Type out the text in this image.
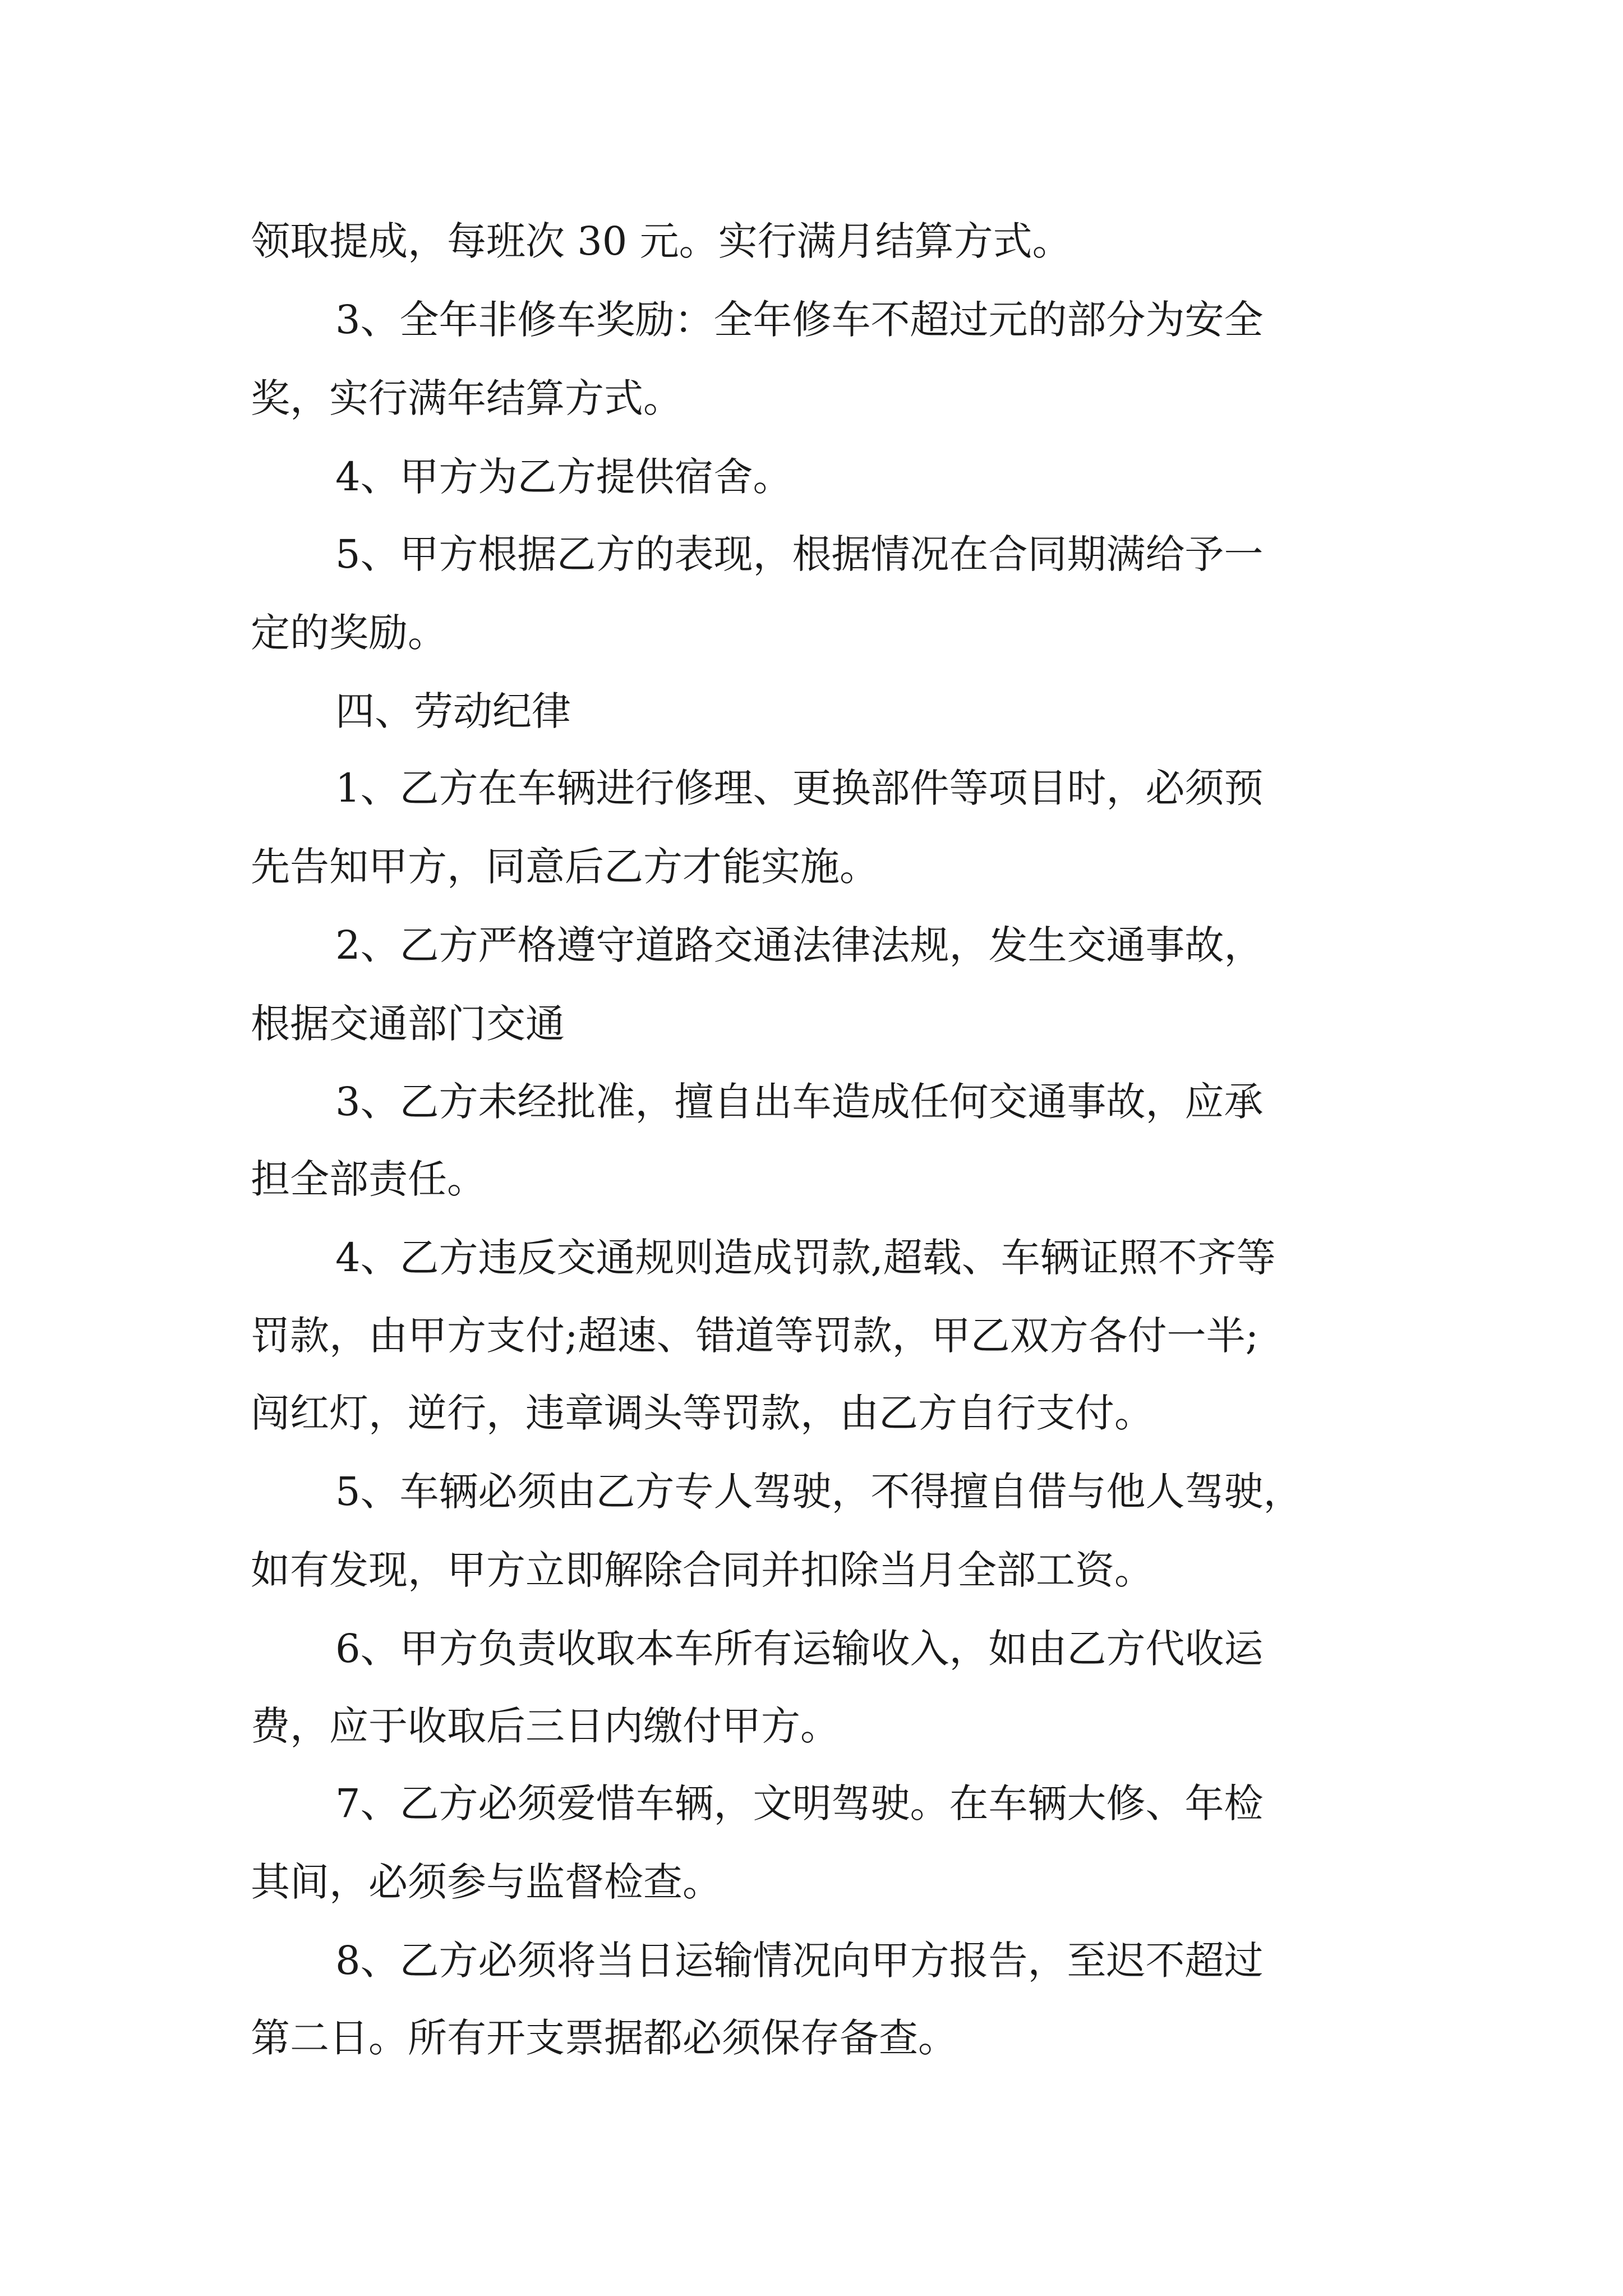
领取提成，每班次 30 元。实行满月结算方式。

3、全年非修车奖励：全年修车不超过元的部分为安全

奖，实行满年结算方式。

4、甲方为乙方提供宿舍。

5、甲方根据乙方的表现，根据情况在合同期满给予一

定的奖励。

四、劳动纪律

1、乙方在车辆进行修理、更换部件等项目时，必须预

先告知甲方，同意后乙方才能实施。

2、乙方严格遵守道路交通法律法规，发生交通事故，

根据交通部门交通

3、乙方未经批准，擅自出车造成任何交通事故，应承

担全部责任。

4、乙方违反交通规则造成罚款,超载、车辆证照不齐等

罚款，由甲方支付;超速、错道等罚款，甲乙双方各付一半;

闯红灯，逆行，违章调头等罚款，由乙方自行支付。

5、车辆必须由乙方专人驾驶，不得擅自借与他人驾驶，

如有发现，甲方立即解除合同并扣除当月全部工资。

6、甲方负责收取本车所有运输收入，如由乙方代收运

费，应于收取后三日内缴付甲方。

7、乙方必须爱惜车辆，文明驾驶。在车辆大修、年检

其间，必须参与监督检查。

8、乙方必须将当日运输情况向甲方报告，至迟不超过

第二日。所有开支票据都必须保存备查。
